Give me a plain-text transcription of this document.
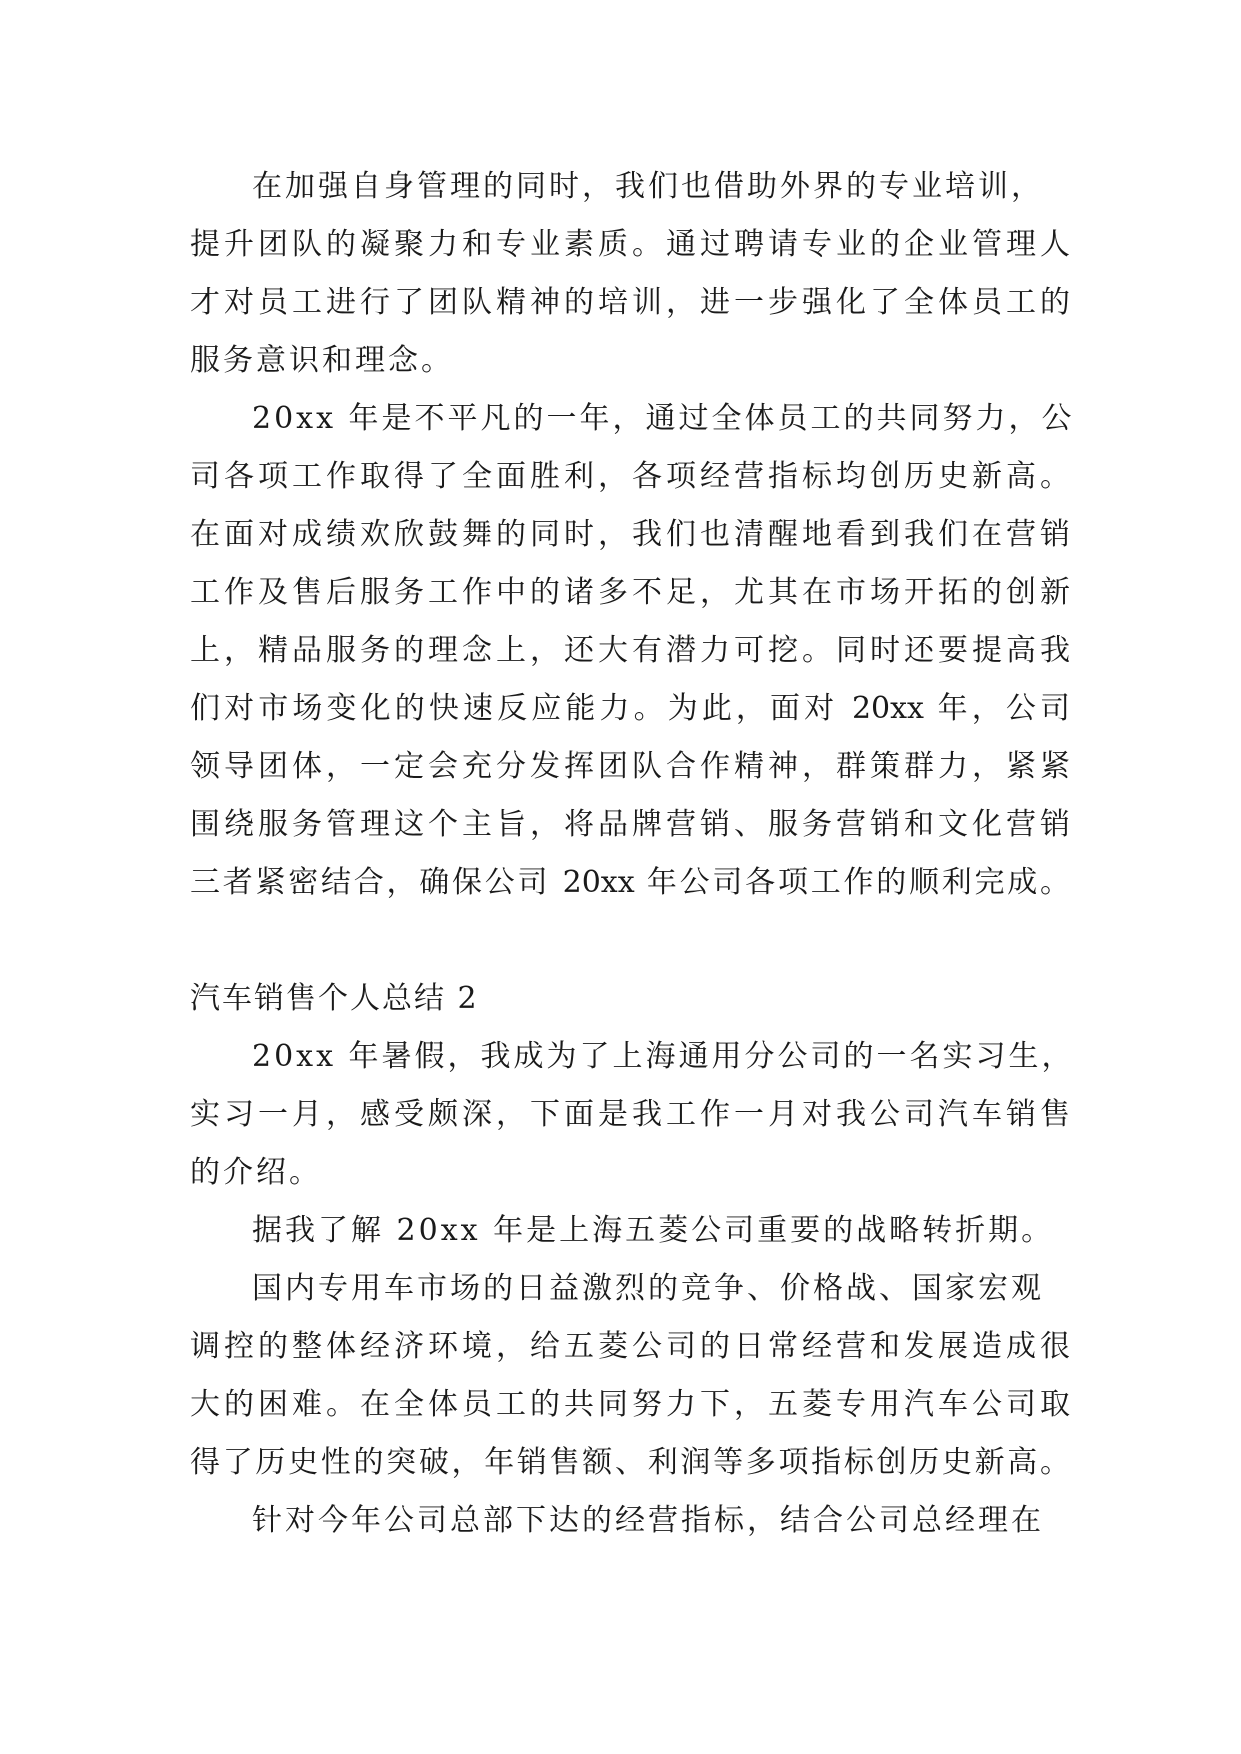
在加强自身管理的同时，我们也借助外界的专业培训，
提升团队的凝聚力和专业素质。通过聘请专业的企业管理人
才对员工进行了团队精神的培训，进一步强化了全体员工的
服务意识和理念。
20xx 年是不平凡的一年，通过全体员工的共同努力，公
司各项工作取得了全面胜利，各项经营指标均创历史新高。
在面对成绩欢欣鼓舞的同时，我们也清醒地看到我们在营销
工作及售后服务工作中的诸多不足，尤其在市场开拓的创新
上，精品服务的理念上，还大有潜力可挖。同时还要提高我
们对市场变化的快速反应能力。为此，面对 20xx 年，公司
领导团体，一定会充分发挥团队合作精神，群策群力，紧紧
围绕服务管理这个主旨，将品牌营销、服务营销和文化营销
三者紧密结合，确保公司 20xx 年公司各项工作的顺利完成。
汽车销售个人总结 2
20xx 年暑假，我成为了上海通用分公司的一名实习生，
实习一月，感受颇深，下面是我工作一月对我公司汽车销售
的介绍。
据我了解 20xx 年是上海五菱公司重要的战略转折期。
国内专用车市场的日益激烈的竞争、价格战、国家宏观
调控的整体经济环境，给五菱公司的日常经营和发展造成很
大的困难。在全体员工的共同努力下，五菱专用汽车公司取
得了历史性的突破，年销售额、利润等多项指标创历史新高。
针对今年公司总部下达的经营指标，结合公司总经理在
